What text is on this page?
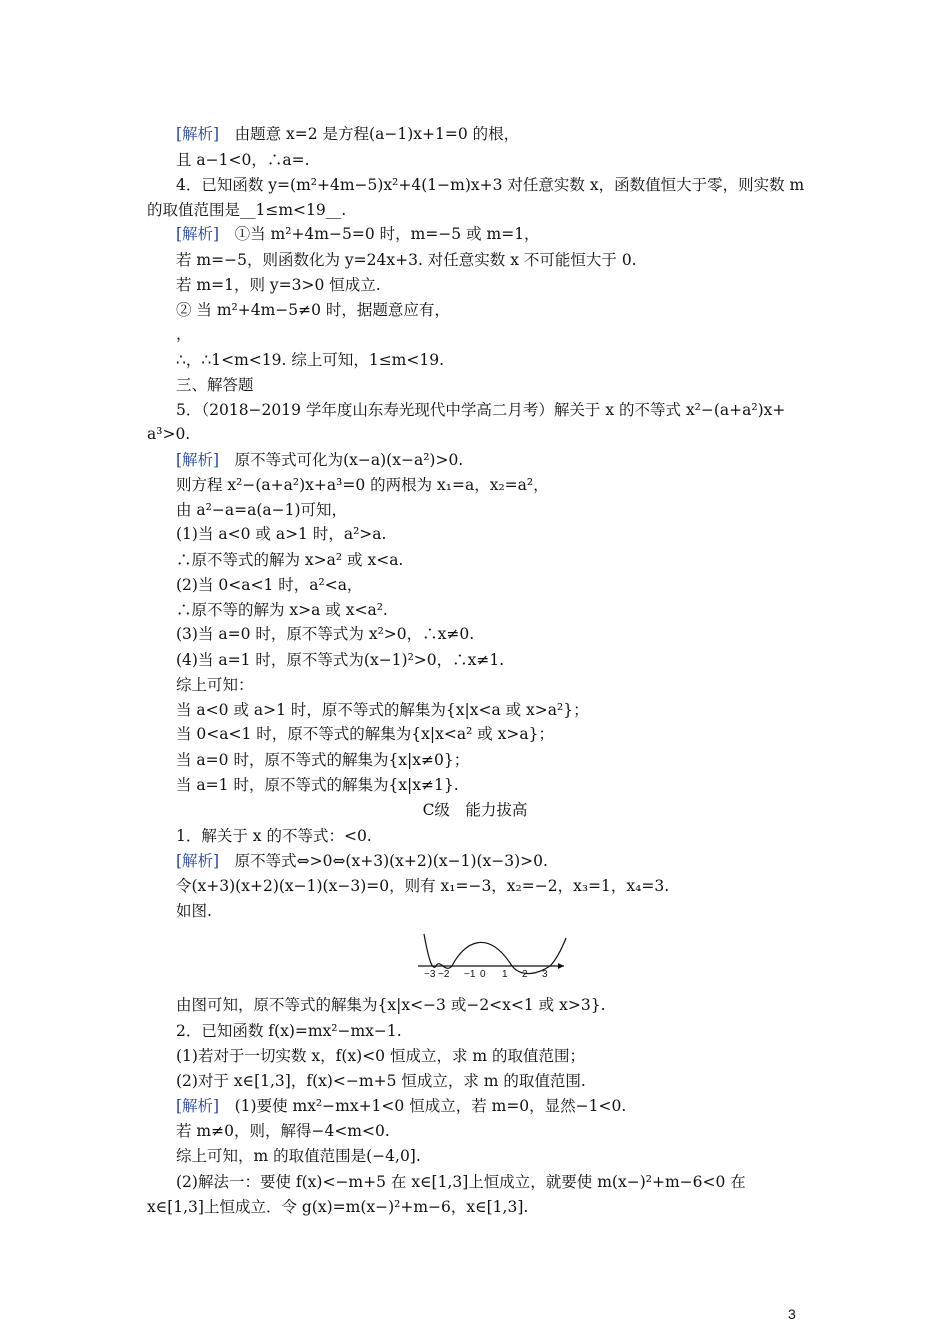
[解析]　由题意 x=2 是方程(a−1)x+1=0 的根，
且 a−1<0，∴a=.
4．已知函数 y=(m²+4m−5)x²+4(1−m)x+3 对任意实数 x，函数值恒大于零，则实数 m
的取值范围是__1≤m<19__.
[解析]　①当 m²+4m−5=0 时，m=−5 或 m=1，
若 m=−5，则函数化为 y=24x+3. 对任意实数 x 不可能恒大于 0.
若 m=1，则 y=3>0 恒成立.
② 当 m²+4m−5≠0 时，据题意应有，
，
∴，∴1<m<19. 综上可知，1≤m<19.
三、解答题
5．（2018−2019 学年度山东寿光现代中学高二月考）解关于 x 的不等式 x²−(a+a²)x+
a³>0.
[解析]　原不等式可化为(x−a)(x−a²)>0.
则方程 x²−(a+a²)x+a³=0 的两根为 x₁=a，x₂=a²，
由 a²−a=a(a−1)可知，
(1)当 a<0 或 a>1 时，a²>a.
∴原不等式的解为 x>a² 或 x<a.
(2)当 0<a<1 时，a²<a，
∴原不等的解为 x>a 或 x<a².
(3)当 a=0 时，原不等式为 x²>0，∴x≠0.
(4)当 a=1 时，原不等式为(x−1)²>0，∴x≠1.
综上可知：
当 a<0 或 a>1 时，原不等式的解集为{x|x<a 或 x>a²}；
当 0<a<1 时，原不等式的解集为{x|x<a² 或 x>a}；
当 a=0 时，原不等式的解集为{x|x≠0}；
当 a=1 时，原不等式的解集为{x|x≠1}.
C级　能力拔高
1．解关于 x 的不等式：<0.
[解析]　原不等式⇔>0⇔(x+3)(x+2)(x−1)(x−3)>0.
令(x+3)(x+2)(x−1)(x−3)=0，则有 x₁=−3，x₂=−2，x₃=1，x₄=3.
如图.
−3 −2 −1 0 1 2 3
由图可知，原不等式的解集为{x|x<−3 或−2<x<1 或 x>3}.
2．已知函数 f(x)=mx²−mx−1.
(1)若对于一切实数 x，f(x)<0 恒成立，求 m 的取值范围；
(2)对于 x∈[1,3]，f(x)<−m+5 恒成立，求 m 的取值范围.
[解析]　(1)要使 mx²−mx+1<0 恒成立，若 m=0，显然−1<0.
若 m≠0，则，解得−4<m<0.
综上可知，m 的取值范围是(−4,0].
(2)解法一：要使 f(x)<−m+5 在 x∈[1,3]上恒成立，就要使 m(x−)²+m−6<0 在
x∈[1,3]上恒成立．令 g(x)=m(x−)²+m−6，x∈[1,3].
3
